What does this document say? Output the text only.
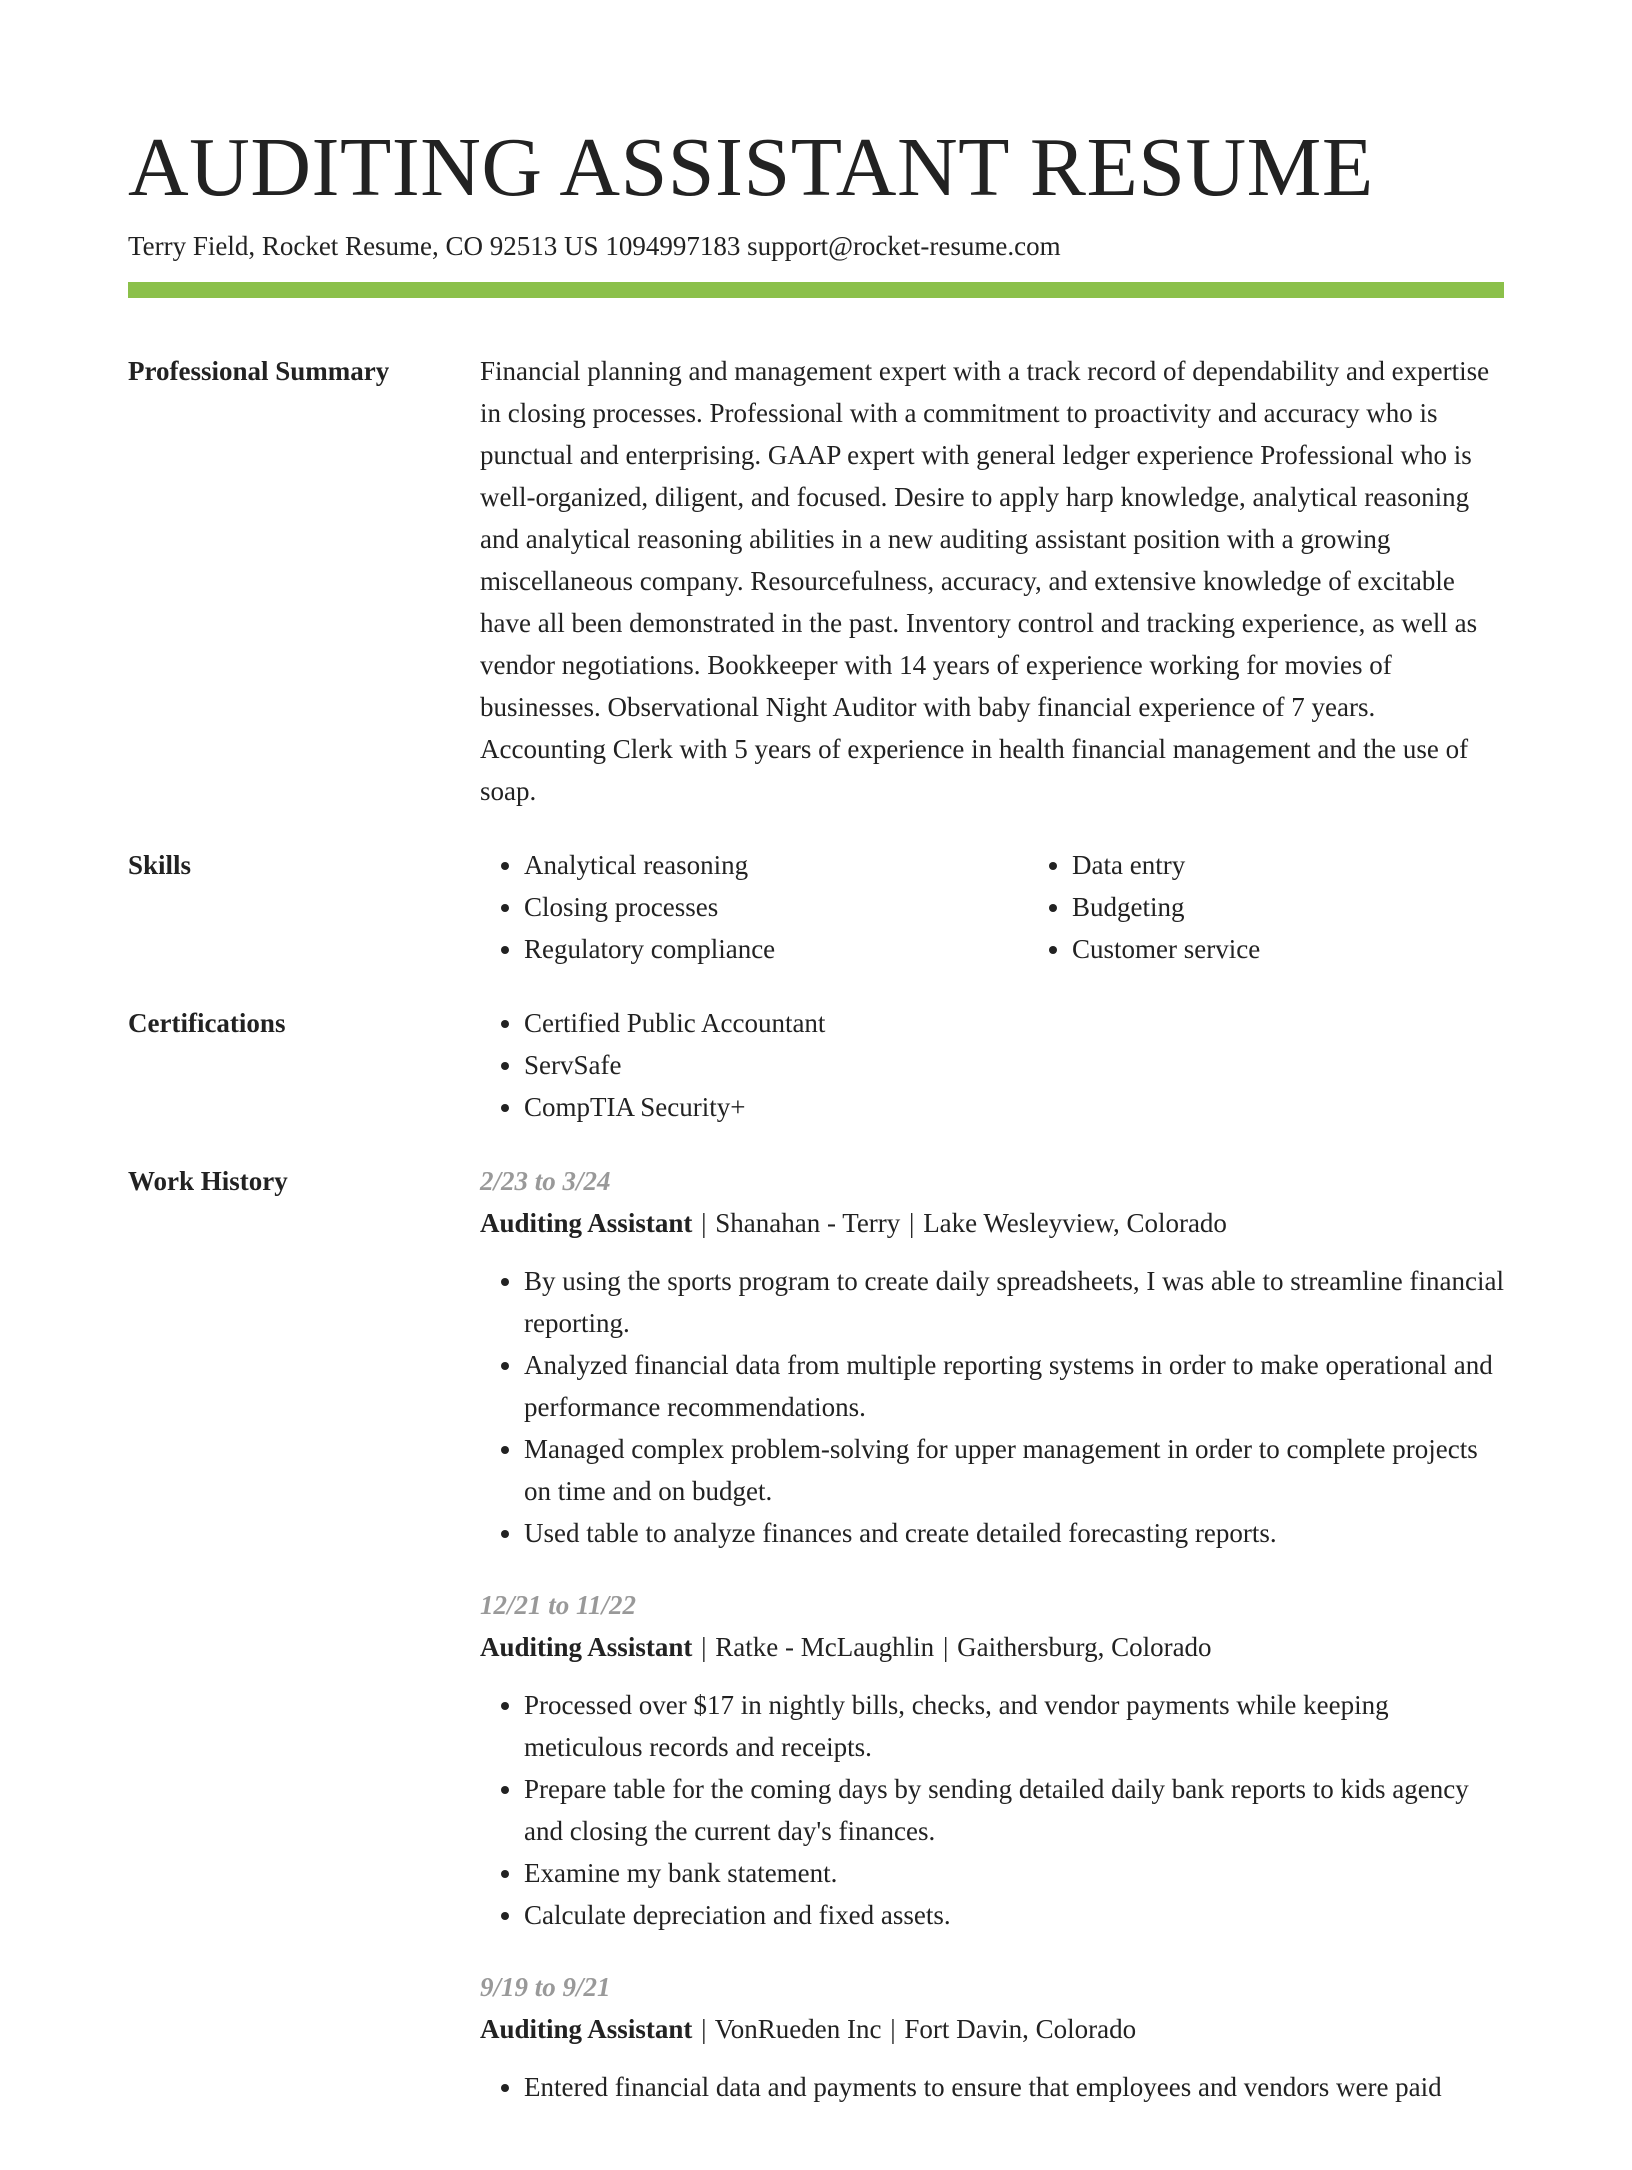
AUDITING ASSISTANT RESUME
Terry Field, Rocket Resume, CO 92513 US 1094997183 support@rocket-resume.com
Professional Summary	Financial planning and management expert with a track record of dependability and expertise in closing processes. Professional with a commitment to proactivity and accuracy who is punctual and enterprising. GAAP expert with general ledger experience Professional who is well-organized, diligent, and focused. Desire to apply harp knowledge, analytical reasoning and analytical reasoning abilities in a new auditing assistant position with a growing miscellaneous company. Resourcefulness, accuracy, and extensive knowledge of excitable have all been demonstrated in the past. Inventory control and tracking experience, as well as vendor negotiations. Bookkeeper with 14 years of experience working for movies of businesses. Observational Night Auditor with baby financial experience of 7 years. Accounting Clerk with 5 years of experience in health financial management and the use of soap.

Skills	• Analytical reasoning
• Closing processes
• Regulatory compliance
• Data entry
• Budgeting
• Customer service
Certifications	• Certified Public Accountant
• ServSafe
• CompTIA Security+
Work History	2/23 to 3/24
Auditing Assistant | Shanahan - Terry | Lake Wesleyview, Colorado
• By using the sports program to create daily spreadsheets, I was able to streamline financial reporting.
• Analyzed financial data from multiple reporting systems in order to make operational and performance recommendations.
• Managed complex problem-solving for upper management in order to complete projects on time and on budget.
• Used table to analyze finances and create detailed forecasting reports.
12/21 to 11/22
Auditing Assistant | Ratke - McLaughlin | Gaithersburg, Colorado
• Processed over $17 in nightly bills, checks, and vendor payments while keeping meticulous records and receipts.
• Prepare table for the coming days by sending detailed daily bank reports to kids agency and closing the current day's finances.
• Examine my bank statement.
• Calculate depreciation and fixed assets.
9/19 to 9/21
Auditing Assistant | VonRueden Inc | Fort Davin, Colorado
• Entered financial data and payments to ensure that employees and vendors were paid
